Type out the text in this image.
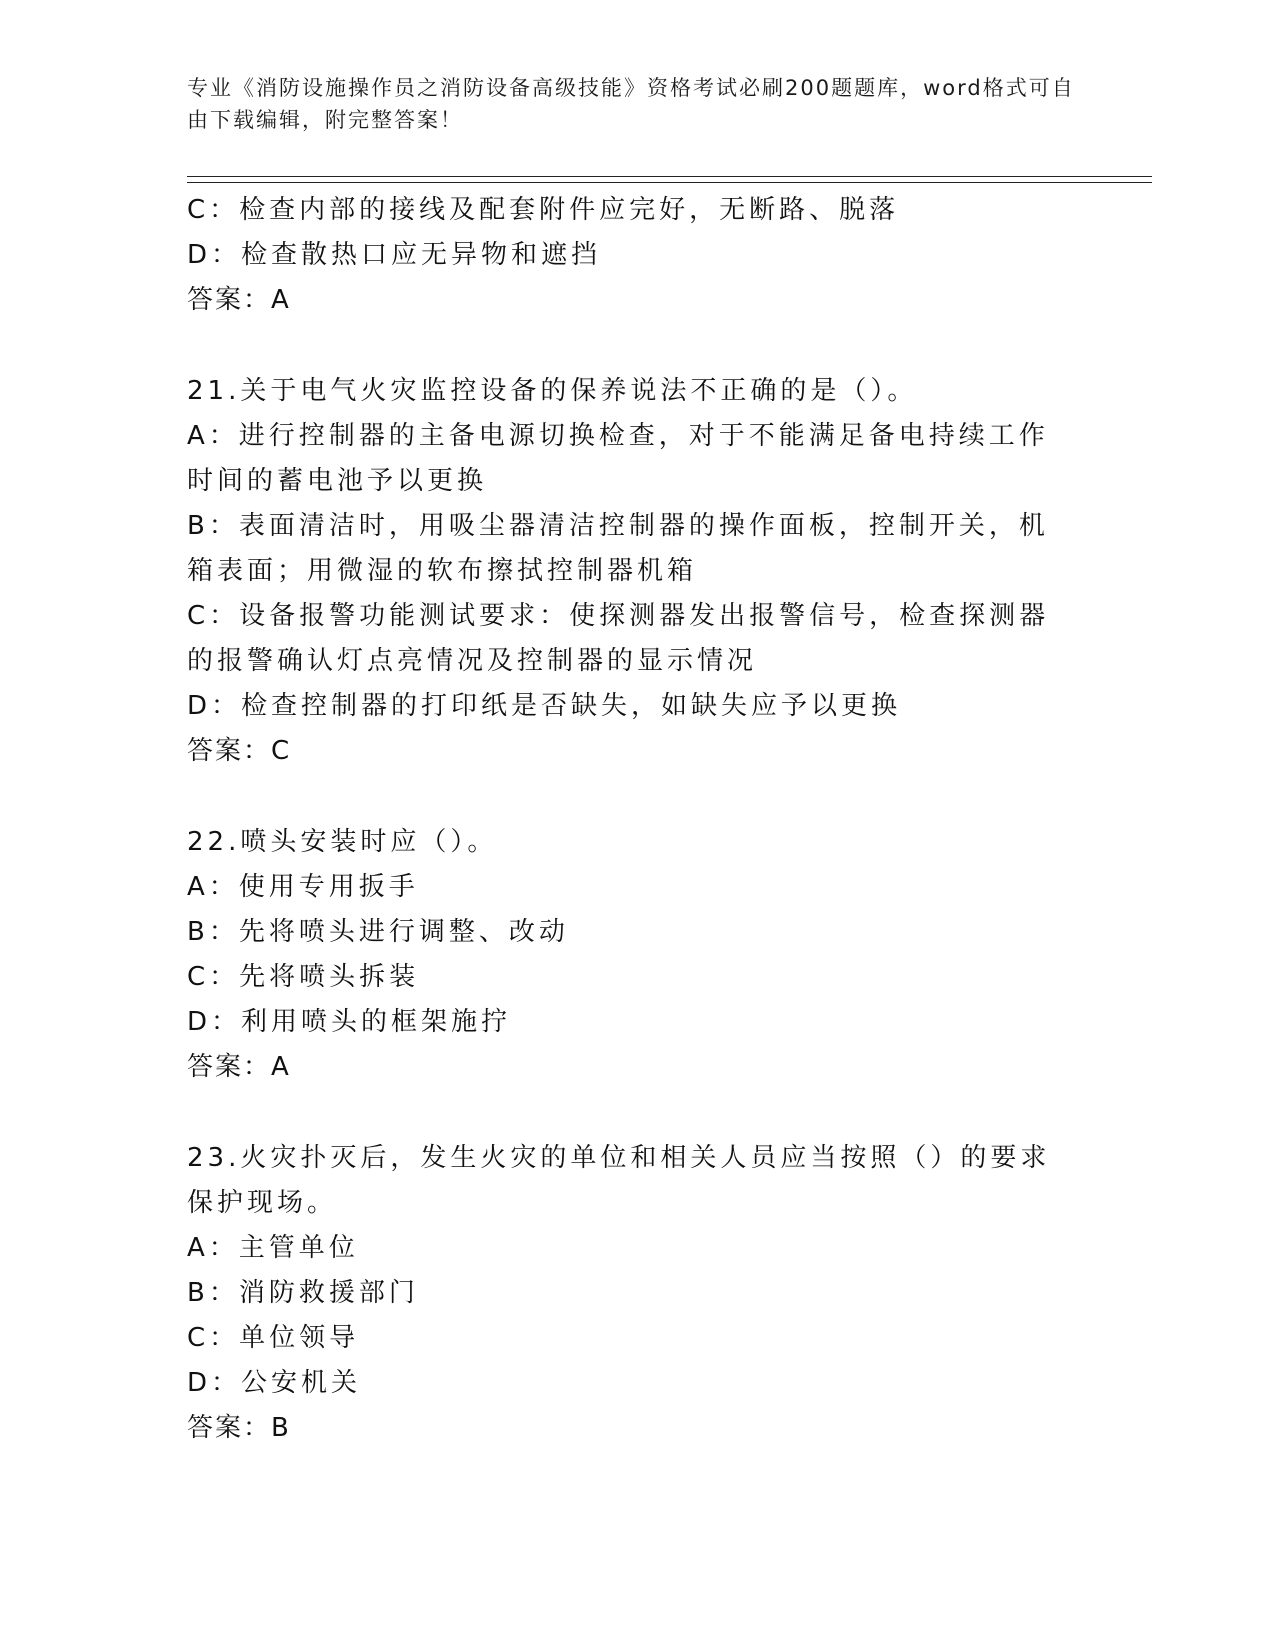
专业《消防设施操作员之消防设备高级技能》资格考试必刷200题题库，word格式可自由下载编辑，附完整答案！
C：检查内部的接线及配套附件应完好，无断路、脱落
D：检查散热口应无异物和遮挡
答案：A
21.关于电气火灾监控设备的保养说法不正确的是（）。
A：进行控制器的主备电源切换检查，对于不能满足备电持续工作时间的蓄电池予以更换
B：表面清洁时，用吸尘器清洁控制器的操作面板，控制开关，机箱表面；用微湿的软布擦拭控制器机箱
C：设备报警功能测试要求：使探测器发出报警信号，检查探测器的报警确认灯点亮情况及控制器的显示情况
D：检查控制器的打印纸是否缺失，如缺失应予以更换
答案：C
22.喷头安装时应（）。
A：使用专用扳手
B：先将喷头进行调整、改动
C：先将喷头拆装
D：利用喷头的框架施拧
答案：A
23.火灾扑灭后，发生火灾的单位和相关人员应当按照（）的要求保护现场。
A：主管单位
B：消防救援部门
C：单位领导
D：公安机关
答案：B
